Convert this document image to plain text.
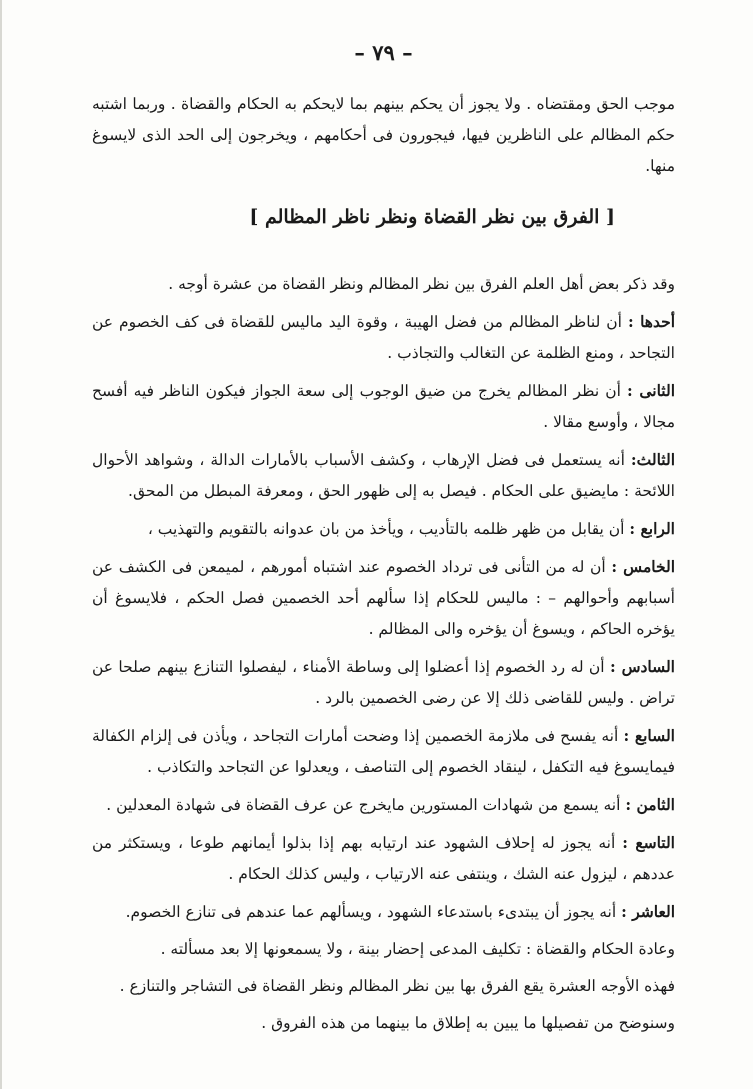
– ٧٩ –

موجب الحق ومقتضاه . ولا يجوز أن يحكم بينهم بما لايحكم به الحكام والقضاة . وربما اشتبه حكم المظالم على الناظرين فيها، فيجورون فى أحكامهم ، ويخرجون إلى الحد الذى لايسوغ منها.

[ الفرق بين نظر القضاة ونظر ناظر المظالم ]

وقد ذكر بعض أهل العلم الفرق بين نظر المظالم ونظر القضاة من عشرة أوجه .

أحدها : أن لناظر المظالم من فضل الهيبة ، وقوة اليد ماليس للقضاة فى كف الخصوم عن التجاحد ، ومنع الظلمة عن التغالب والتجاذب .

الثانى : أن نظر المظالم يخرج من ضيق الوجوب إلى سعة الجواز فيكون الناظر فيه أفسح مجالا ، وأوسع مقالا .

الثالث: أنه يستعمل فى فضل الإرهاب ، وكشف الأسباب بالأمارات الدالة ، وشواهد الأحوال اللائحة : مايضيق على الحكام . فيصل به إلى ظهور الحق ، ومعرفة المبطل من المحق.

الرابع : أن يقابل من ظهر ظلمه بالتأديب ، ويأخذ من بان عدوانه بالتقويم والتهذيب ،

الخامس : أن له من التأنى فى ترداد الخصوم عند اشتباه أمورهم ، لميمعن فى الكشف عن أسبابهم وأحوالهم – : ماليس للحكام إذا سألهم أحد الخصمين فصل الحكم ، فلايسوغ أن يؤخره الحاكم ، ويسوغ أن يؤخره والى المظالم .

السادس : أن له رد الخصوم إذا أعضلوا إلى وساطة الأمناء ، ليفصلوا التنازع بينهم صلحا عن تراض . وليس للقاضى ذلك إلا عن رضى الخصمين بالرد .

السابع : أنه يفسح فى ملازمة الخصمين إذا وضحت أمارات التجاحد ، ويأذن فى إلزام الكفالة فيمايسوغ فيه التكفل ، لينقاد الخصوم إلى التناصف ، ويعدلوا عن التجاحد والتكاذب .

الثامن : أنه يسمع من شهادات المستورين مايخرج عن عرف القضاة فى شهادة المعدلين .

التاسع : أنه يجوز له إحلاف الشهود عند ارتيابه بهم إذا بذلوا أيمانهم طوعا ، ويستكثر من عددهم ، ليزول عنه الشك ، وينتفى عنه الارتياب ، وليس كذلك الحكام .

العاشر : أنه يجوز أن يبتدىء باستدعاء الشهود ، ويسألهم عما عندهم فى تنازع الخصوم.

وعادة الحكام والقضاة : تكليف المدعى إحضار بينة ، ولا يسمعونها إلا بعد مسألته .

فهذه الأوجه العشرة يقع الفرق بها بين نظر المظالم ونظر القضاة فى التشاجر والتنازع .

وسنوضح من تفصيلها ما يبين به إطلاق ما بينهما من هذه الفروق .
